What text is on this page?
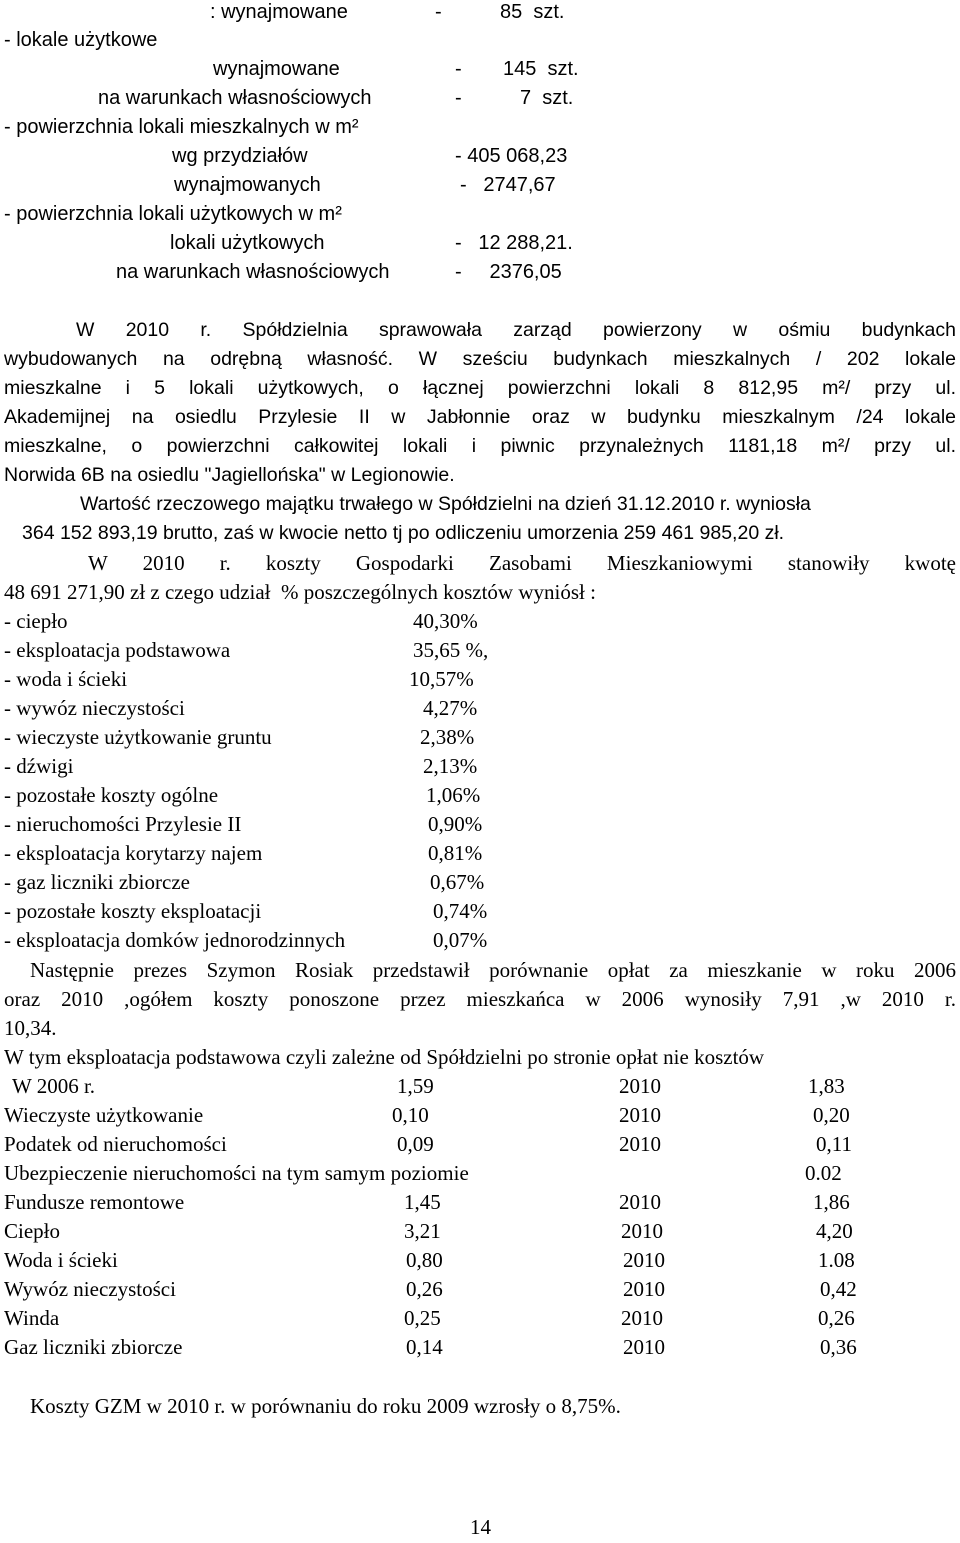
: wynajmowane	-	85  szt.
- lokale użytkowe
wynajmowane	- 145  szt.
na warunkach własnościowych	-	7  szt.
- powierzchnia lokali mieszkalnych w m²
wg przydziałów	- 405 068,23
wynajmowanych	-   2747,67
- powierzchnia lokali użytkowych w m²
lokali użytkowych	-   12 288,21.
na warunkach własnościowych	-     2376,05
W 2010 r. Spółdzielnia sprawowała zarząd powierzony w ośmiu budynkach
wybudowanych na odrębną własność. W sześciu budynkach mieszkalnych / 202 lokale
mieszkalne i 5 lokali użytkowych, o łącznej powierzchni lokali 8 812,95 m²/ przy ul.
Akademijnej na osiedlu Przylesie II w Jabłonnie oraz w budynku mieszkalnym /24 lokale
mieszkalne, o powierzchni całkowitej lokali i piwnic przynależnych 1181,18 m²/ przy ul.
Norwida 6B na osiedlu "Jagiellońska" w Legionowie.
Wartość rzeczowego majątku trwałego w Spółdzielni na dzień 31.12.2010 r. wyniosła
364 152 893,19 brutto, zaś w kwocie netto tj po odliczeniu umorzenia 259 461 985,20 zł.
W 2010 r. koszty Gospodarki Zasobami Mieszkaniowymi stanowiły kwotę
48 691 271,90 zł z czego udział  % poszczególnych kosztów wyniósł :
- ciepło	40,30%
- eksploatacja podstawowa	35,65 %,
- woda i ścieki	10,57%
- wywóz nieczystości	4,27%
- wieczyste użytkowanie gruntu	2,38%
- dźwigi	2,13%
- pozostałe koszty ogólne	1,06%
- nieruchomości Przylesie II	0,90%
- eksploatacja korytarzy najem	0,81%
- gaz liczniki zbiorcze	0,67%
- pozostałe koszty eksploatacji	0,74%
- eksploatacja domków jednorodzinnych	0,07%
Następnie prezes Szymon Rosiak przedstawił porównanie opłat za mieszkanie w roku 2006
oraz 2010 ,ogółem koszty ponoszone przez mieszkańca w 2006 wynosiły 7,91 ,w 2010 r.
10,34.
W tym eksploatacja podstawowa czyli zależne od Spółdzielni po stronie opłat nie kosztów
W 2006 r.	1,59	2010	1,83
Wieczyste użytkowanie	0,10	2010	0,20
Podatek od nieruchomości	0,09	2010	0,11
Ubezpieczenie nieruchomości na tym samym poziomie	0.02
Fundusze remontowe	1,45	2010	1,86
Ciepło	3,21	2010	4,20
Woda i ścieki	0,80	2010	1.08
Wywóz nieczystości	0,26	2010	0,42
Winda	0,25	2010	0,26
Gaz liczniki zbiorcze	0,14	2010	0,36
Koszty GZM w 2010 r. w porównaniu do roku 2009 wzrosły o 8,75%.
14
